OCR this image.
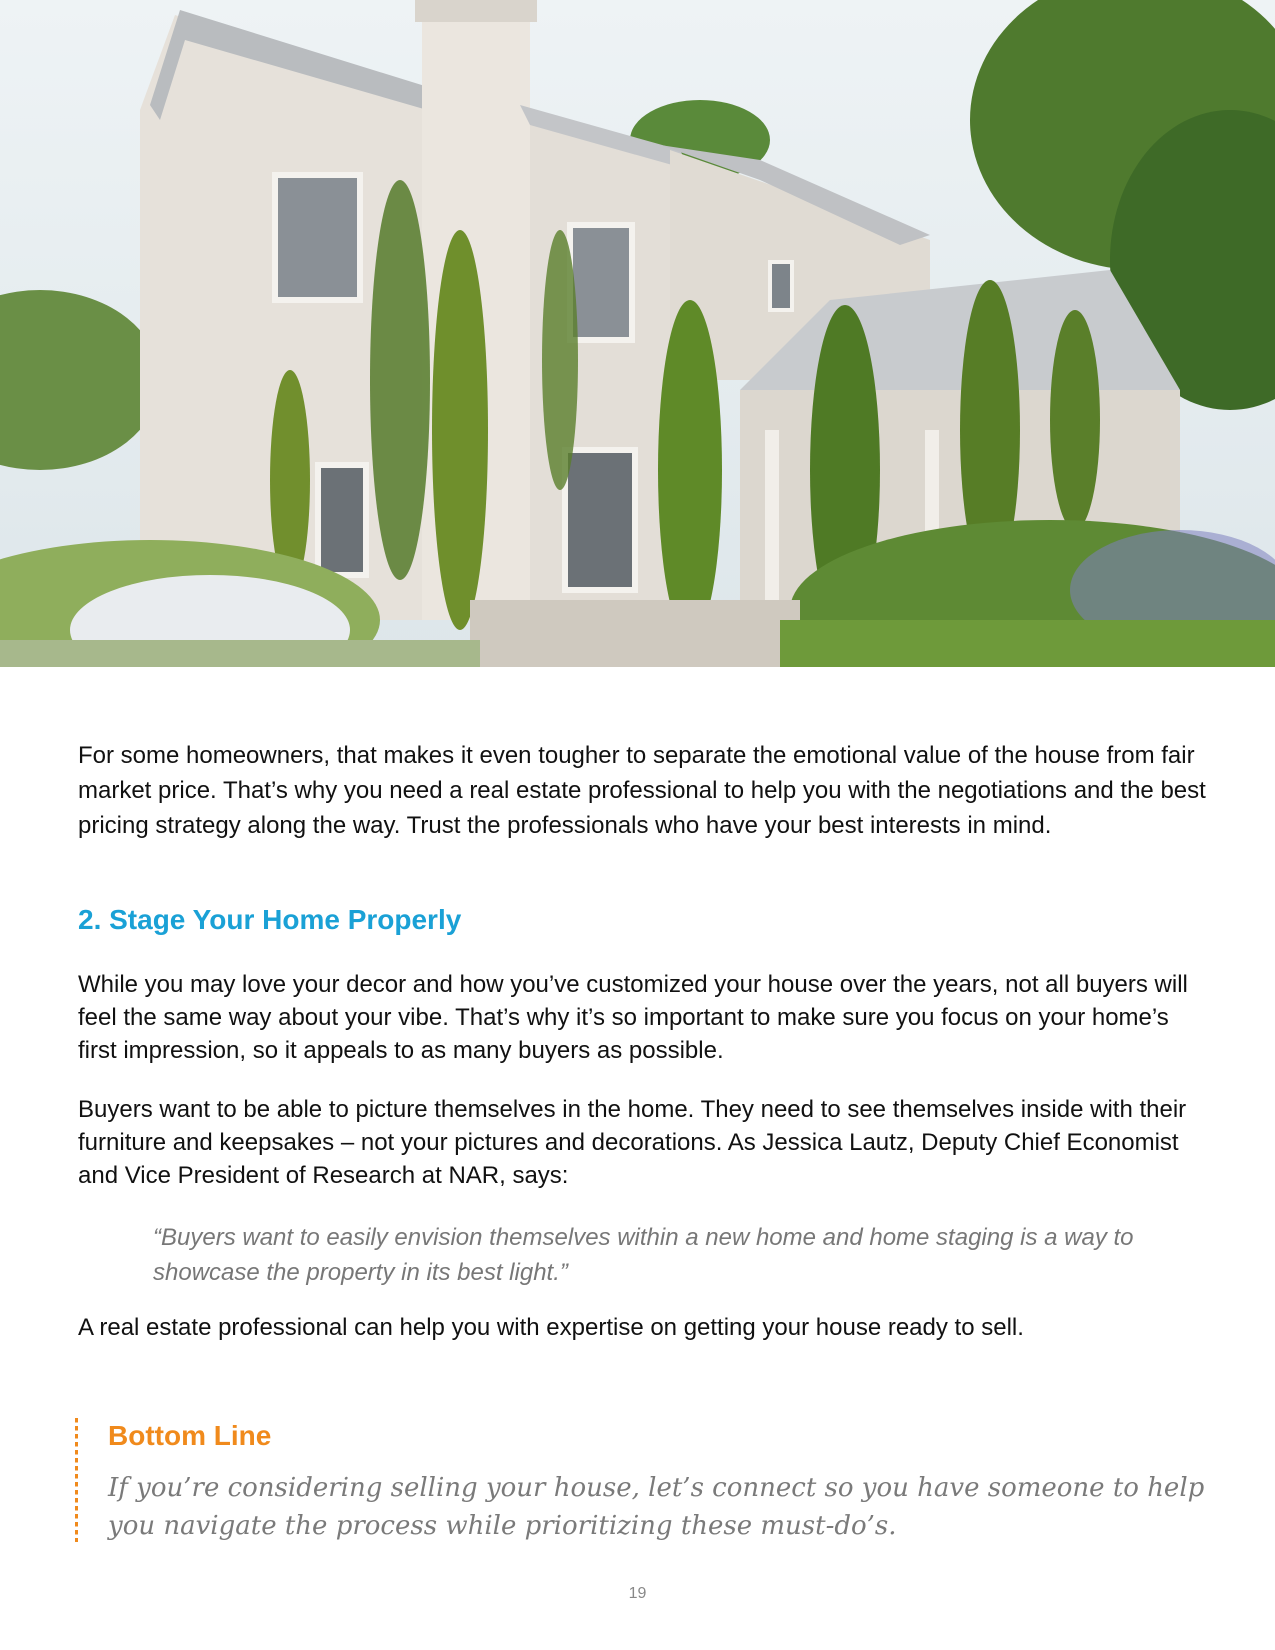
For some homeowners, that makes it even tougher to separate the emotional value of the house from fair market price. That’s why you need a real estate professional to help you with the negotiations and the best pricing strategy along the way. Trust the professionals who have your best interests in mind.

2. Stage Your Home Properly

While you may love your decor and how you’ve customized your house over the years, not all buyers will feel the same way about your vibe. That’s why it’s so important to make sure you focus on your home’s first impression, so it appeals to as many buyers as possible.

Buyers want to be able to picture themselves in the home. They need to see themselves inside with their furniture and keepsakes – not your pictures and decorations. As Jessica Lautz, Deputy Chief Economist and Vice President of Research at NAR, says:

“Buyers want to easily envision themselves within a new home and home staging is a way to showcase the property in its best light.”

A real estate professional can help you with expertise on getting your house ready to sell.

Bottom Line

If you’re considering selling your house, let’s connect so you have someone to help you navigate the process while prioritizing these must-do’s.

19
